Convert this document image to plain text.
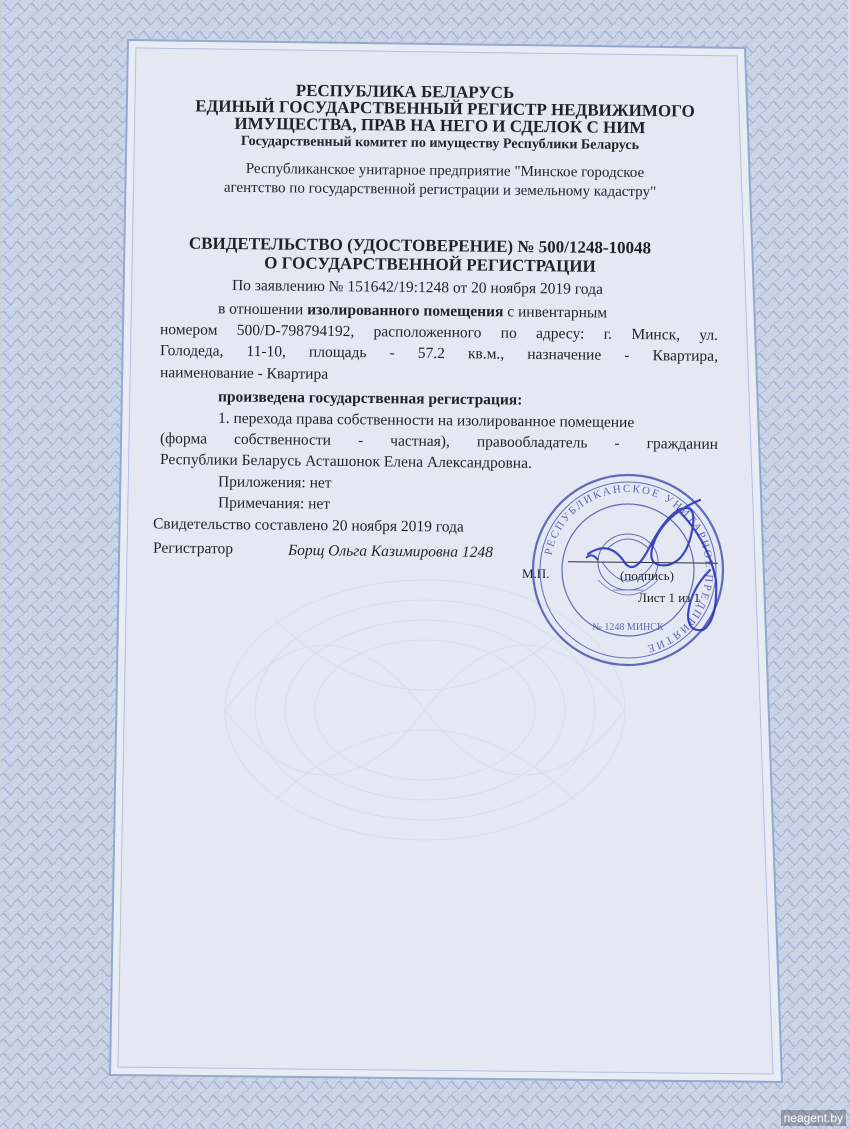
РЕСПУБЛИКА БЕЛАРУСЬ
ЕДИНЫЙ ГОСУДАРСТВЕННЫЙ РЕГИСТР НЕДВИЖИМОГО
ИМУЩЕСТВА, ПРАВ НА НЕГО И СДЕЛОК С НИМ
Государственный комитет по имуществу Республики Беларусь
Республиканское унитарное предприятие "Минское городское
агентство по государственной регистрации и земельному кадастру"
СВИДЕТЕЛЬСТВО (УДОСТОВЕРЕНИЕ) № 500/1248-10048
О ГОСУДАРСТВЕННОЙ РЕГИСТРАЦИИ
По заявлению № 151642/19:1248 от 20 ноября 2019 года
в отношении изолированного помещения с инвентарным
номером 500/D-798794192, расположенного по адресу: г. Минск, ул.
Голодеда, 11-10, площадь - 57.2 кв.м., назначение - Квартира,
наименование - Квартира
произведена государственная регистрация:
1. перехода права собственности на изолированное помещение
(форма собственности - частная), правообладатель - гражданин
Республики Беларусь Асташонок Елена Александровна.
Приложения: нет
Примечания: нет
Свидетельство составлено 20 ноября 2019 года
Регистратор	Борщ Ольга Казимировна 1248
М.П.	(подпись)
Лист 1 из 1
РЕСПУБЛИКАНСКОЕ УНИТАРНОЕ ПРЕДПРИЯТИЕ
№ 1248 МИНСК
neagent.by
